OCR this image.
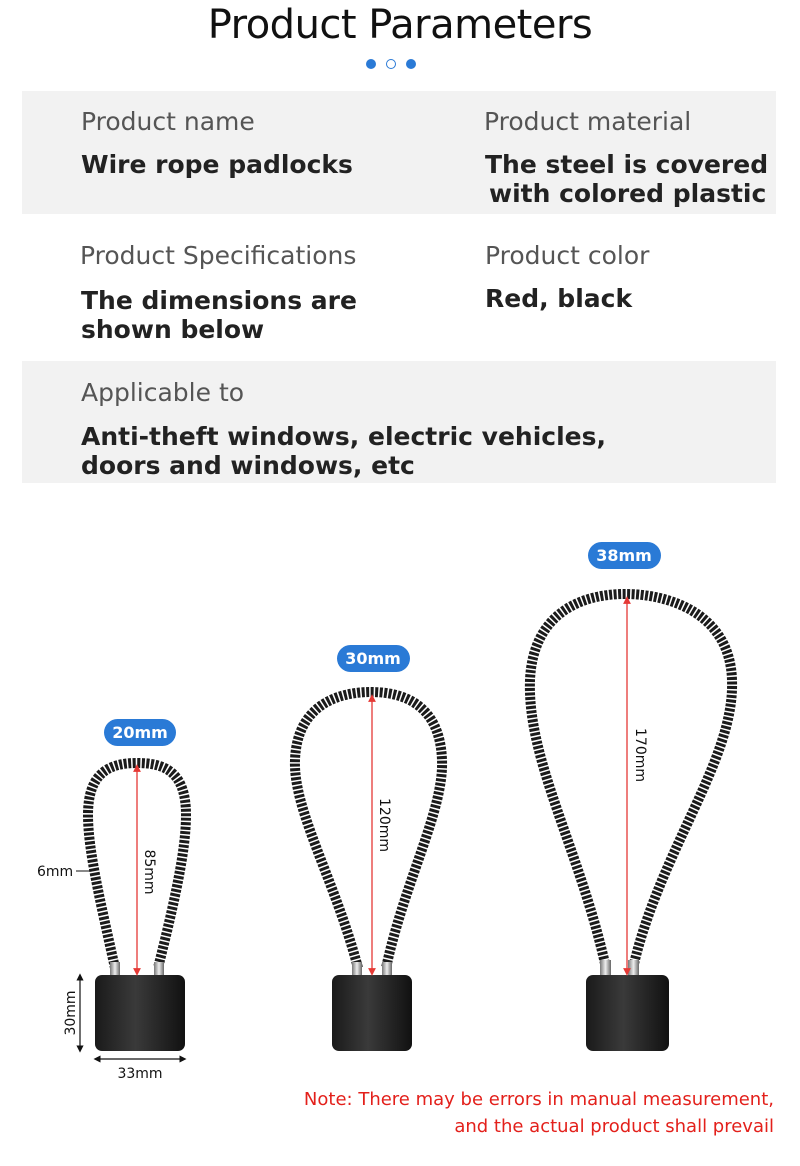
Product Parameters
Product name
Wire rope padlocks
Product material
The steel is covered
with colored plastic
Product Specifications
The dimensions are
shown below
Product color
Red, black
Applicable to
Anti-theft windows, electric vehicles,
doors and windows, etc
20mm
85mm
6mm
30mm
33mm
30mm
120mm
38mm
170mm
Note: There may be errors in manual measurement,
and the actual product shall prevail
